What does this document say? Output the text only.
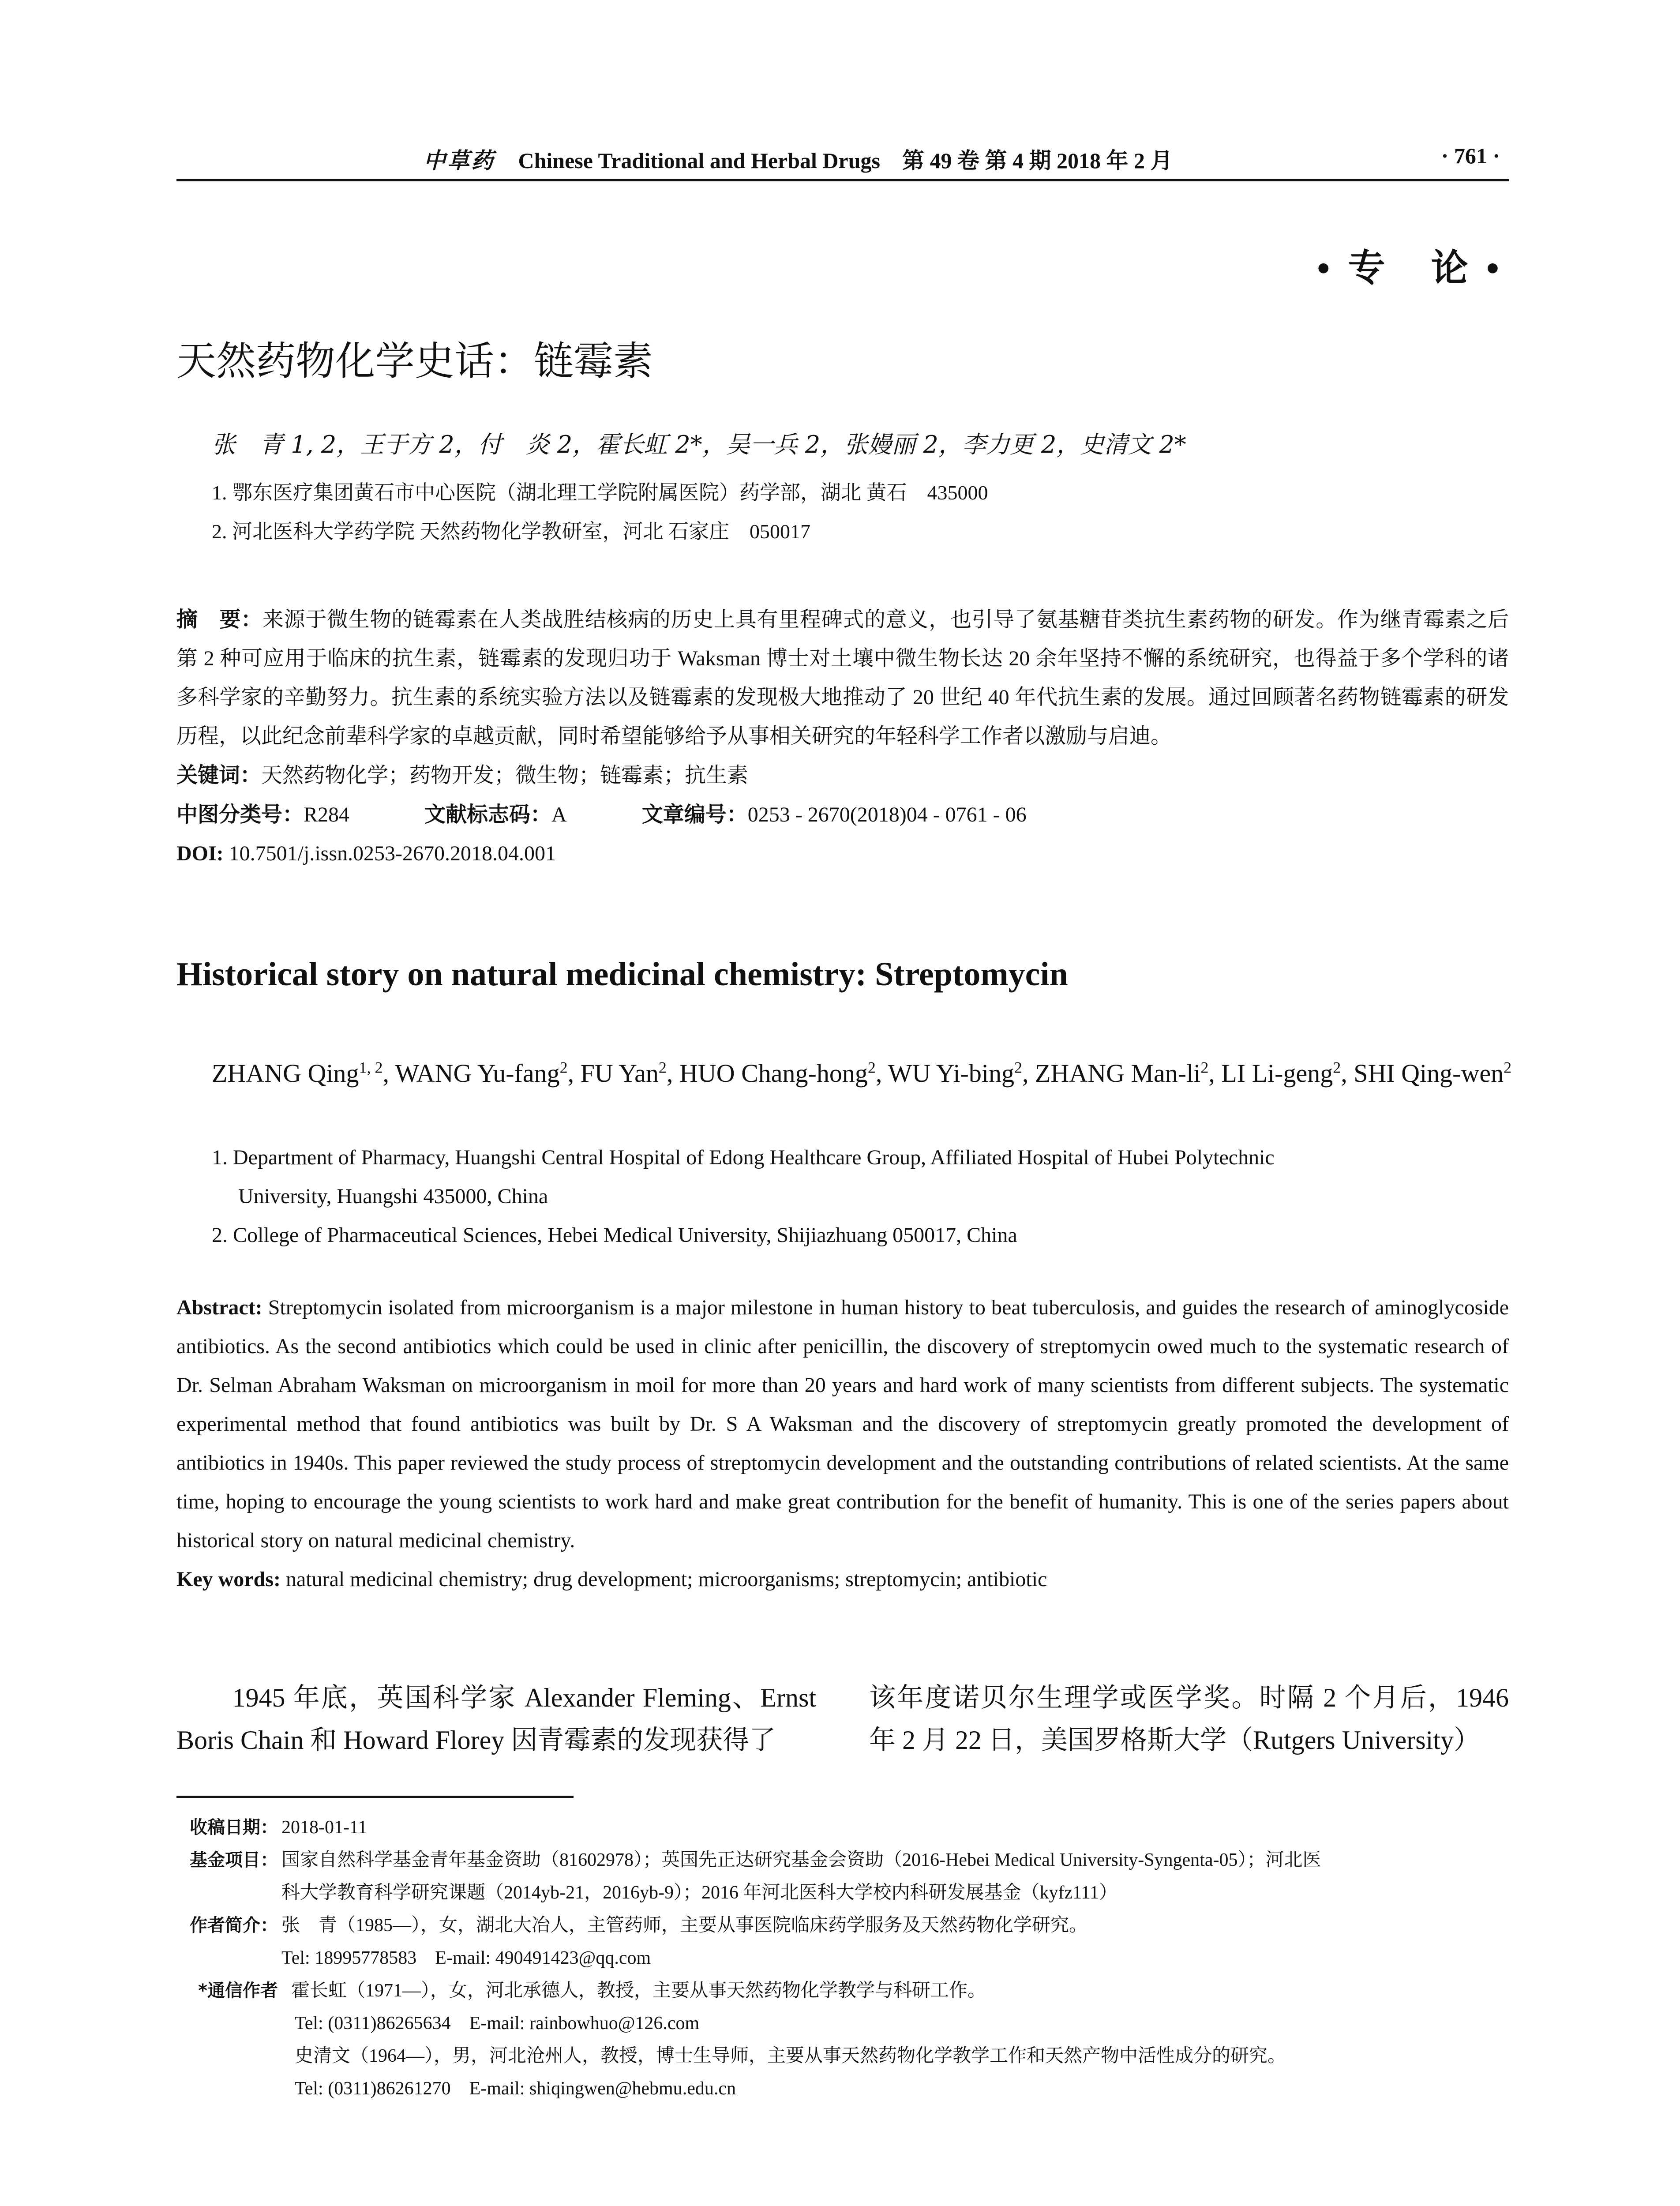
中草药 Chinese Traditional and Herbal Drugs　第 49 卷 第 4 期 2018 年 2 月	· 761 ·
• 专　论 •
天然药物化学史话：链霉素
张　青 1, 2，王于方 2，付　炎 2，霍长虹 2*，吴一兵 2，张嫚丽 2，李力更 2，史清文 2*
1. 鄂东医疗集团黄石市中心医院（湖北理工学院附属医院）药学部，湖北 黄石　435000
2. 河北医科大学药学院 天然药物化学教研室，河北 石家庄　050017
摘　要：来源于微生物的链霉素在人类战胜结核病的历史上具有里程碑式的意义，也引导了氨基糖苷类抗生素药物的研发。作为继青霉素之后第 2 种可应用于临床的抗生素，链霉素的发现归功于 Waksman 博士对土壤中微生物长达 20 余年坚持不懈的系统研究，也得益于多个学科的诸多科学家的辛勤努力。抗生素的系统实验方法以及链霉素的发现极大地推动了 20 世纪 40 年代抗生素的发展。通过回顾著名药物链霉素的研发历程，以此纪念前辈科学家的卓越贡献，同时希望能够给予从事相关研究的年轻科学工作者以激励与启迪。
关键词：天然药物化学；药物开发；微生物；链霉素；抗生素
中图分类号：R284	文献标志码：A	文章编号：0253 - 2670(2018)04 - 0761 - 06
DOI: 10.7501/j.issn.0253-2670.2018.04.001
Historical story on natural medicinal chemistry: Streptomycin
ZHANG Qing$^{1, 2}$, WANG Yu-fang$^2$, FU Yan$^2$, HUO Chang-hong$^2$, WU Yi-bing$^2$, ZHANG Man-$li^2$, LI Li-geng$^2$, SHI Qing-wen$^2$
1. Department of Pharmacy, Huangshi Central Hospital of Edong Healthcare Group, Affiliated Hospital of Hubei Polytechnic
University, Huangshi 435000, China
2. College of Pharmaceutical Sciences, Hebei Medical University, Shijiazhuang 050017, China
Abstract: Streptomycin isolated from microorganism is a major milestone in human history to beat tuberculosis, and guides the research of aminoglycoside antibiotics. As the second antibiotics which could be used in clinic after penicillin, the discovery of streptomycin owed much to the systematic research of Dr. Selman Abraham Waksman on microorganism in moil for more than 20 years and hard work of many scientists from different subjects. The systematic experimental method that found antibiotics was built by Dr. S A Waksman and the discovery of streptomycin greatly promoted the development of antibiotics in 1940s. This paper reviewed the study process of streptomycin development and the outstanding contributions of related scientists. At the same time, hoping to encourage the young scientists to work hard and make great contribution for the benefit of humanity. This is one of the series papers about historical story on natural medicinal chemistry.
Key words: natural medicinal chemistry; drug development; microorganisms; streptomycin; antibiotic
　　1945 年底，英国科学家 Alexander Fleming、Ernst Boris Chain 和 Howard Florey 因青霉素的发现获得了
该年度诺贝尔生理学或医学奖。时隔 2 个月后，1946 年 2 月 22 日，美国罗格斯大学（Rutgers University）
收稿日期： 2018-01-11
基金项目： 国家自然科学基金青年基金资助（81602978）；英国先正达研究基金会资助（2016-Hebei Medical University-Syngenta-05）；河北医
科大学教育科学研究课题（2014yb-21，2016yb-9）；2016 年河北医科大学校内科研发展基金（kyfz111）
作者简介： 张　青（1985—），女，湖北大冶人，主管药师，主要从事医院临床药学服务及天然药物化学研究。
Tel: 18995778583　E-mail: 490491423@qq.com
*通信作者 霍长虹（1971—），女，河北承德人，教授，主要从事天然药物化学教学与科研工作。
Tel: (0311)86265634　E-mail: rainbowhuo@126.com
史清文（1964—），男，河北沧州人，教授，博士生导师，主要从事天然药物化学教学工作和天然产物中活性成分的研究。
Tel: (0311)86261270　E-mail: shiqingwen@hebmu.edu.cn
